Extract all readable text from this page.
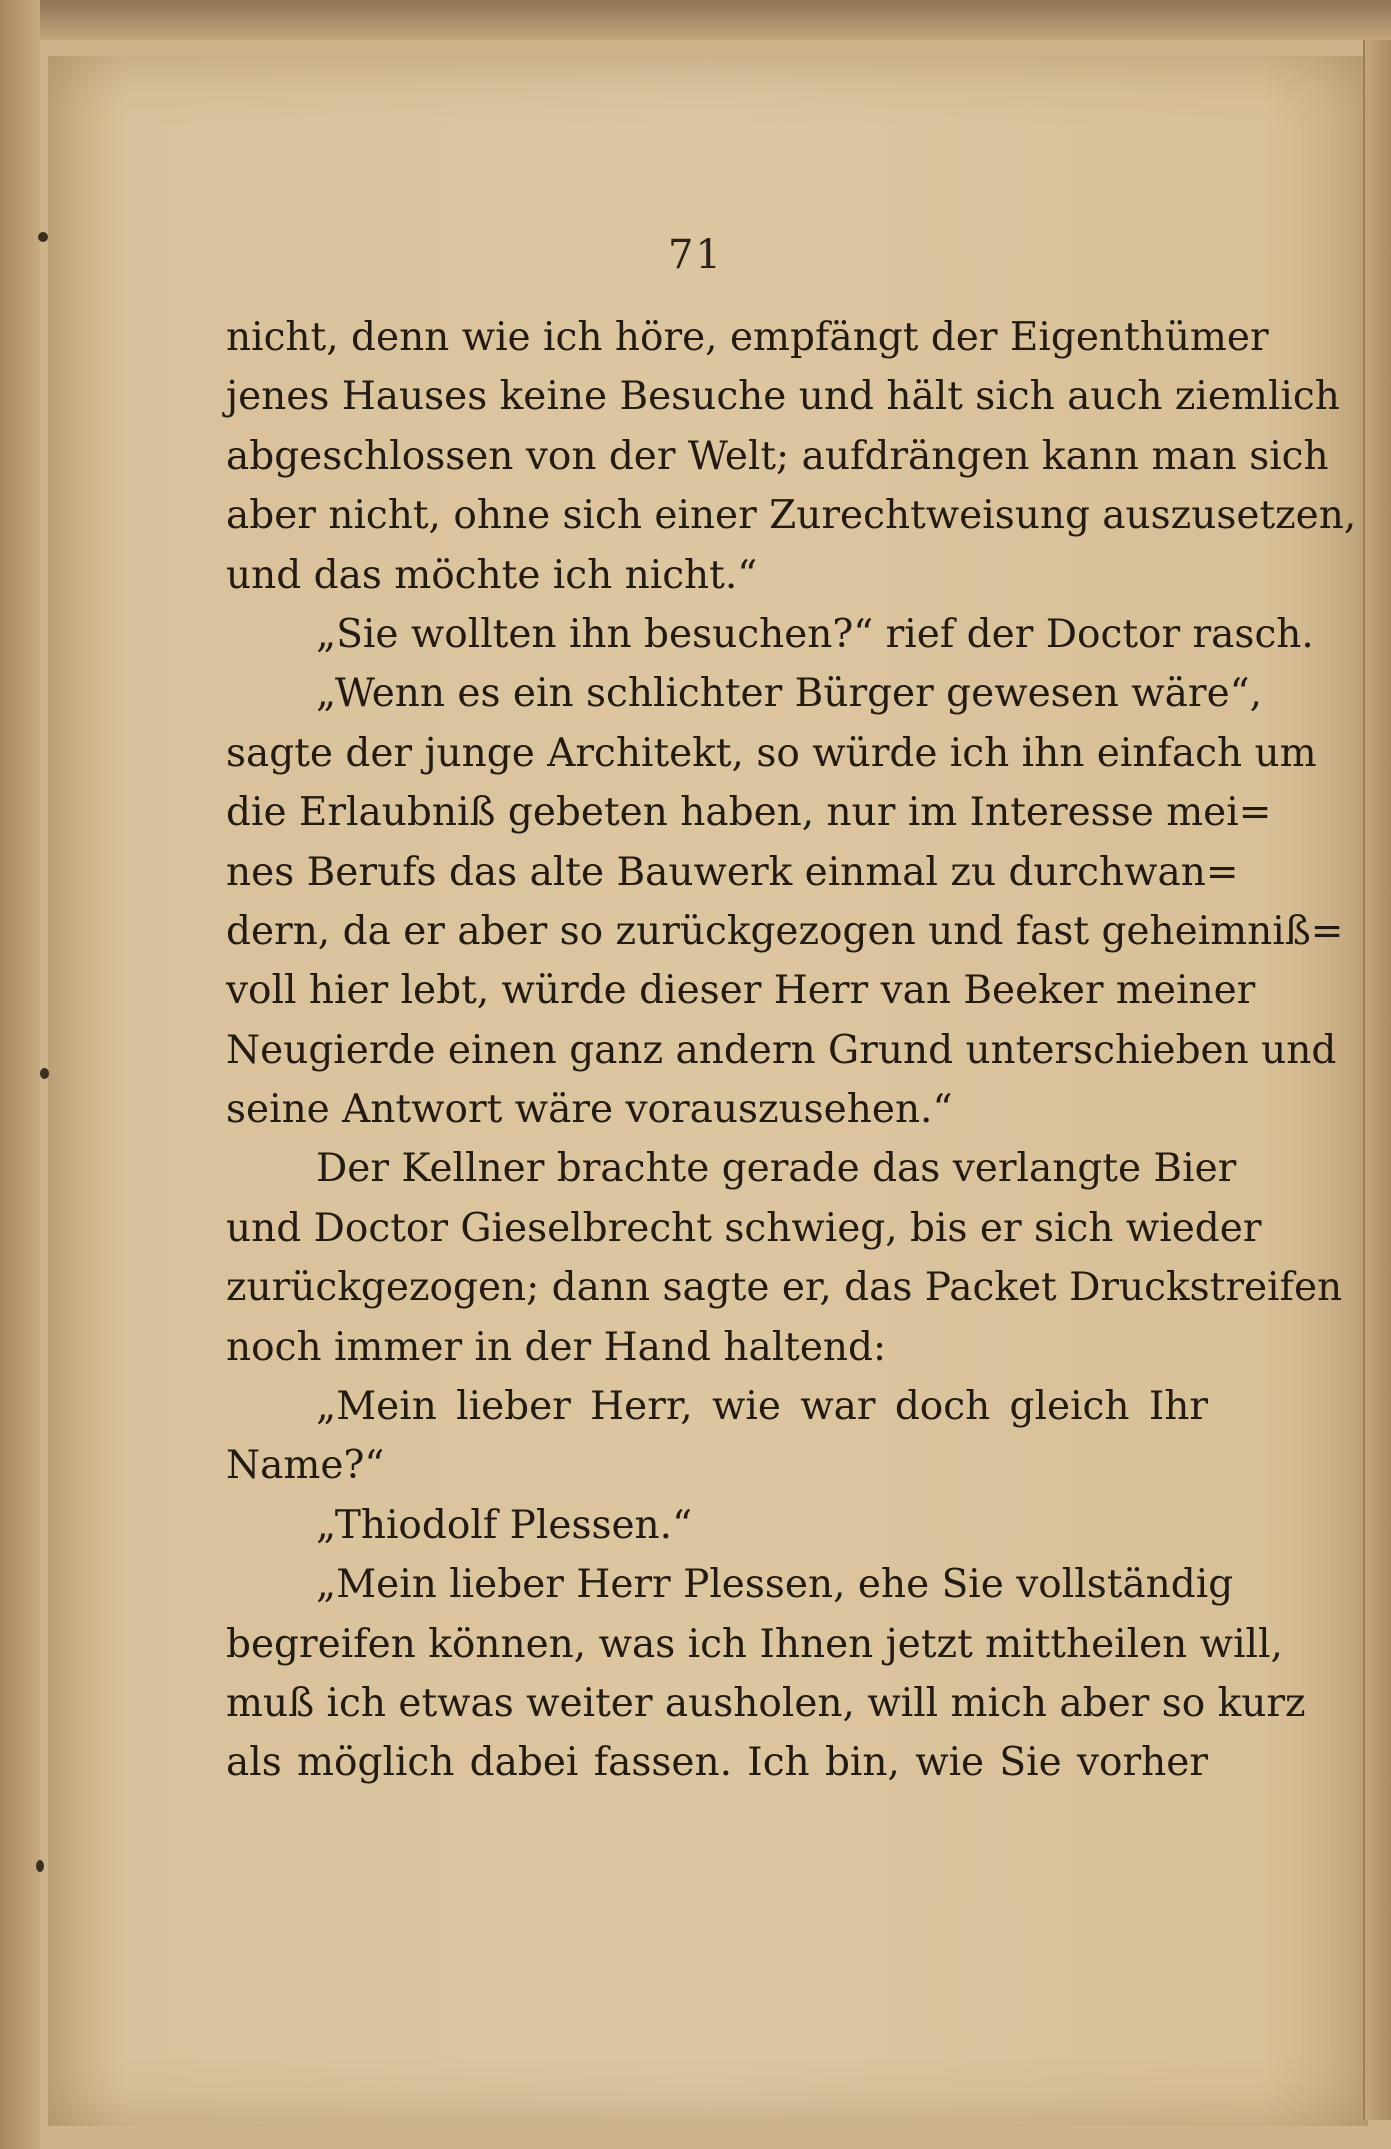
71
nicht, denn wie ich höre, empfängt der Eigenthümer
jenes Hauses keine Besuche und hält sich auch ziemlich
abgeschlossen von der Welt; aufdrängen kann man sich
aber nicht, ohne sich einer Zurechtweisung auszusetzen,
und das möchte ich nicht.“
„Sie wollten ihn besuchen?“ rief der Doctor rasch.
„Wenn es ein schlichter Bürger gewesen wäre“,
sagte der junge Architekt, so würde ich ihn einfach um
die Erlaubniß gebeten haben, nur im Interesse mei=
nes Berufs das alte Bauwerk einmal zu durchwan=
dern, da er aber so zurückgezogen und fast geheimniß=
voll hier lebt, würde dieser Herr van Beeker meiner
Neugierde einen ganz andern Grund unterschieben und
seine Antwort wäre vorauszusehen.“
Der Kellner brachte gerade das verlangte Bier
und Doctor Gieselbrecht schwieg, bis er sich wieder
zurückgezogen; dann sagte er, das Packet Druckstreifen
noch immer in der Hand haltend:
„Mein lieber Herr, wie war doch gleich Ihr
Name?“
„Thiodolf Plessen.“
„Mein lieber Herr Plessen, ehe Sie vollständig
begreifen können, was ich Ihnen jetzt mittheilen will,
muß ich etwas weiter ausholen, will mich aber so kurz
als möglich dabei fassen. Ich bin, wie Sie vorher
